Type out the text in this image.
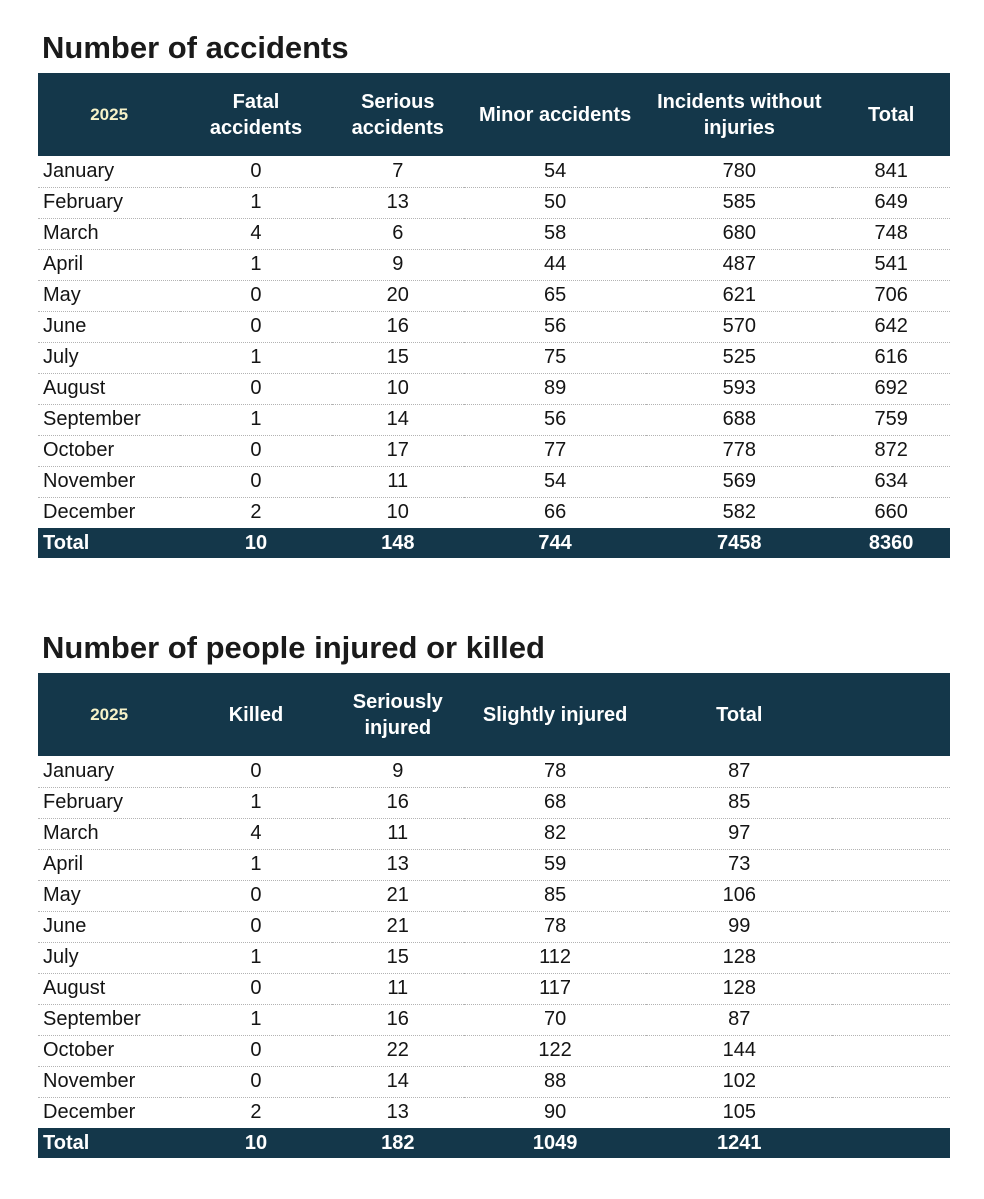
Number of accidents
2025	Fatal accidents	Serious accidents	Minor accidents	Incidents without injuries	Total
January	0	7	54	780	841
February	1	13	50	585	649
March	4	6	58	680	748
April	1	9	44	487	541
May	0	20	65	621	706
June	0	16	56	570	642
July	1	15	75	525	616
August	0	10	89	593	692
September	1	14	56	688	759
October	0	17	77	778	872
November	0	11	54	569	634
December	2	10	66	582	660
Total	10	148	744	7458	8360
Number of people injured or killed
2025	Killed	Seriously injured	Slightly injured	Total	
January	0	9	78	87	
February	1	16	68	85	
March	4	11	82	97	
April	1	13	59	73	
May	0	21	85	106	
June	0	21	78	99	
July	1	15	112	128	
August	0	11	117	128	
September	1	16	70	87	
October	0	22	122	144	
November	0	14	88	102	
December	2	13	90	105	
Total	10	182	1049	1241	
